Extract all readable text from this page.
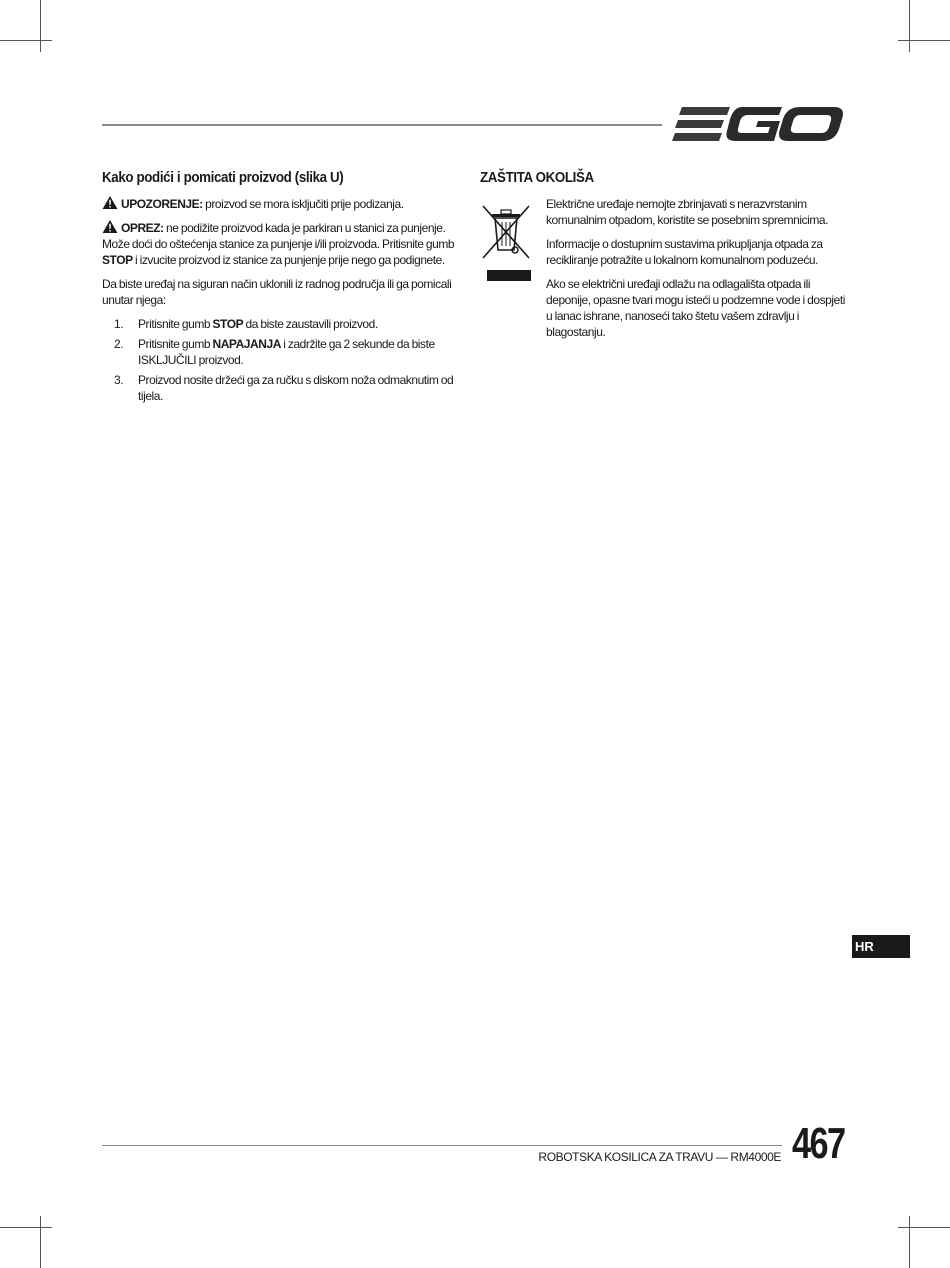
Kako podići i pomicati proizvod (slika U)

UPOZORENJE: proizvod se mora isključiti prije podizanja.

OPREZ: ne podižite proizvod kada je parkiran u stanici za punjenje. Može doći do oštećenja stanice za punjenje i/ili proizvoda. Pritisnite gumb STOP i izvucite proizvod iz stanice za punjenje prije nego ga podignete.

Da biste uređaj na siguran način uklonili iz radnog područja ili ga pomicali unutar njega:

1. Pritisnite gumb STOP da biste zaustavili proizvod.
2. Pritisnite gumb NAPAJANJA i zadržite ga 2 sekunde da biste ISKLJUČILI proizvod.
3. Proizvod nosite držeći ga za ručku s diskom noža odmaknutim od tijela.
ZAŠTITA OKOLIŠA

Električne uređaje nemojte zbrinjavati s nerazvrstanim komunalnim otpadom, koristite se posebnim spremnicima.

Informacije o dostupnim sustavima prikupljanja otpada za recikliranje potražite u lokalnom komunalnom poduzeću.

Ako se električni uređaji odlažu na odlagališta otpada ili deponije, opasne tvari mogu isteći u podzemne vode i dospjeti u lanac ishrane, nanoseći tako štetu vašem zdravlju i blagostanju.

HR
ROBOTSKA KOSILICA ZA TRAVU — RM4000E 467
